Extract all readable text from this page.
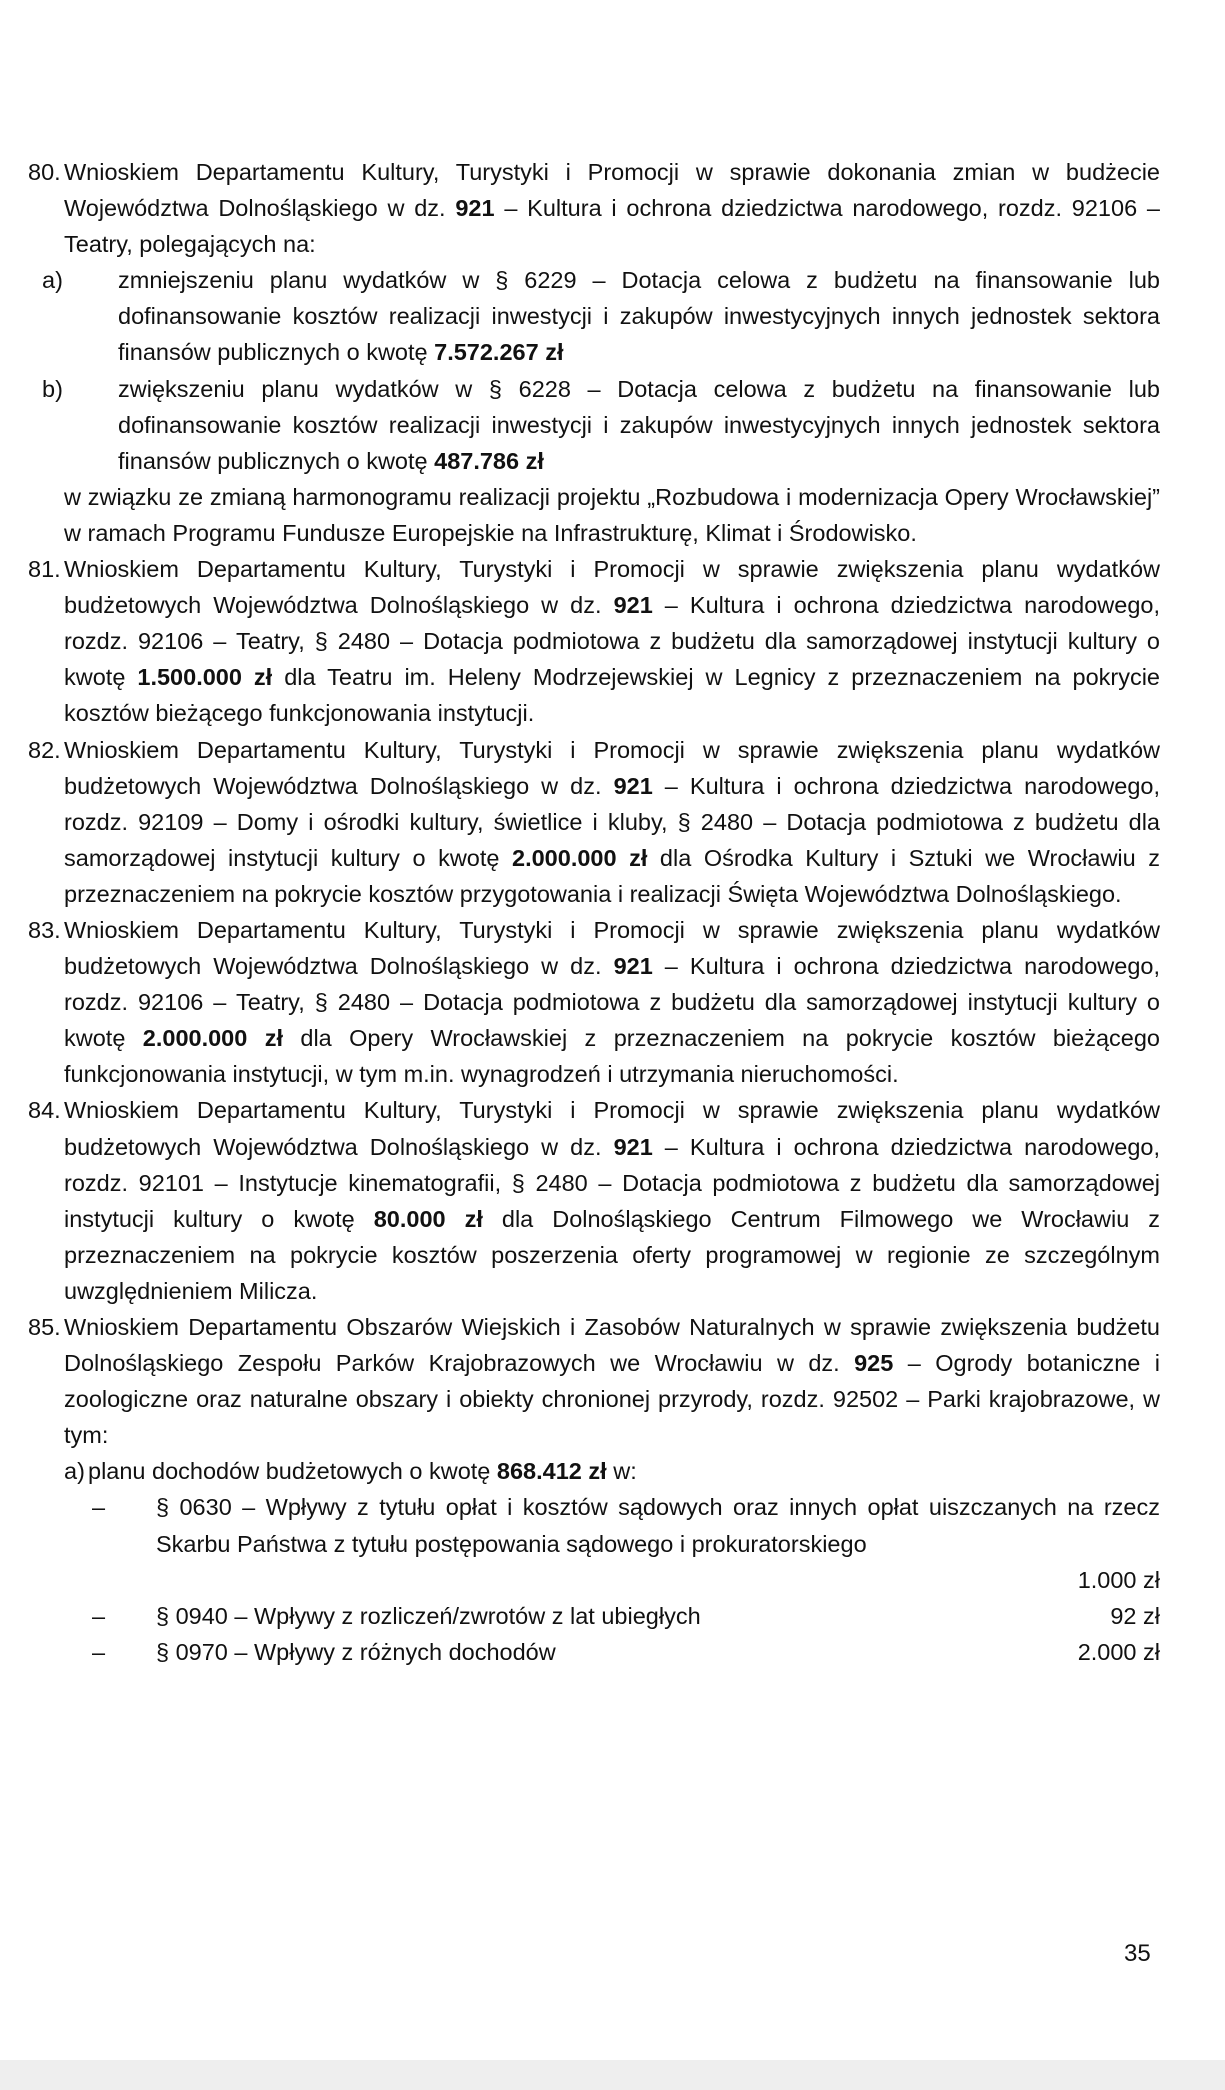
80. Wnioskiem Departamentu Kultury, Turystyki i Promocji w sprawie dokonania zmian w budżecie Województwa Dolnośląskiego w dz. 921 – Kultura i ochrona dziedzictwa narodowego, rozdz. 92106 – Teatry, polegających na:

a) zmniejszeniu planu wydatków w § 6229 – Dotacja celowa z budżetu na finansowanie lub dofinansowanie kosztów realizacji inwestycji i zakupów inwestycyjnych innych jednostek sektora finansów publicznych o kwotę 7.572.267 zł
b) zwiększeniu planu wydatków w § 6228 – Dotacja celowa z budżetu na finansowanie lub dofinansowanie kosztów realizacji inwestycji i zakupów inwestycyjnych innych jednostek sektora finansów publicznych o kwotę 487.786 zł

w związku ze zmianą harmonogramu realizacji projektu „Rozbudowa i modernizacja Opery Wrocławskiej” w ramach Programu Fundusze Europejskie na Infrastrukturę, Klimat i Środowisko.

81. Wnioskiem Departamentu Kultury, Turystyki i Promocji w sprawie zwiększenia planu wydatków budżetowych Województwa Dolnośląskiego w dz. 921 – Kultura i ochrona dziedzictwa narodowego, rozdz. 92106 – Teatry, § 2480 – Dotacja podmiotowa z budżetu dla samorządowej instytucji kultury o kwotę 1.500.000 zł dla Teatru im. Heleny Modrzejewskiej w Legnicy z przeznaczeniem na pokrycie kosztów bieżącego funkcjonowania instytucji.

82. Wnioskiem Departamentu Kultury, Turystyki i Promocji w sprawie zwiększenia planu wydatków budżetowych Województwa Dolnośląskiego w dz. 921 – Kultura i ochrona dziedzictwa narodowego, rozdz. 92109 – Domy i ośrodki kultury, świetlice i kluby, § 2480 – Dotacja podmiotowa z budżetu dla samorządowej instytucji kultury o kwotę 2.000.000 zł dla Ośrodka Kultury i Sztuki we Wrocławiu z przeznaczeniem na pokrycie kosztów przygotowania i realizacji Święta Województwa Dolnośląskiego.

83. Wnioskiem Departamentu Kultury, Turystyki i Promocji w sprawie zwiększenia planu wydatków budżetowych Województwa Dolnośląskiego w dz. 921 – Kultura i ochrona dziedzictwa narodowego, rozdz. 92106 – Teatry, § 2480 – Dotacja podmiotowa z budżetu dla samorządowej instytucji kultury o kwotę 2.000.000 zł dla Opery Wrocławskiej z przeznaczeniem na pokrycie kosztów bieżącego funkcjonowania instytucji, w tym m.in. wynagrodzeń i utrzymania nieruchomości.

84. Wnioskiem Departamentu Kultury, Turystyki i Promocji w sprawie zwiększenia planu wydatków budżetowych Województwa Dolnośląskiego w dz. 921 – Kultura i ochrona dziedzictwa narodowego, rozdz. 92101 – Instytucje kinematografii, § 2480 – Dotacja podmiotowa z budżetu dla samorządowej instytucji kultury o kwotę 80.000 zł dla Dolnośląskiego Centrum Filmowego we Wrocławiu z przeznaczeniem na pokrycie kosztów poszerzenia oferty programowej w regionie ze szczególnym uwzględnieniem Milicza.

85. Wnioskiem Departamentu Obszarów Wiejskich i Zasobów Naturalnych w sprawie zwiększenia budżetu Dolnośląskiego Zespołu Parków Krajobrazowych we Wrocławiu w dz. 925 – Ogrody botaniczne i zoologiczne oraz naturalne obszary i obiekty chronionej przyrody, rozdz. 92502 – Parki krajobrazowe, w tym:

a) planu dochodów budżetowych o kwotę 868.412 zł w:
– § 0630 – Wpływy z tytułu opłat i kosztów sądowych oraz innych opłat uiszczanych na rzecz Skarbu Państwa z tytułu postępowania sądowego i prokuratorskiego
1.000 zł
– § 0940 – Wpływy z rozliczeń/zwrotów z lat ubiegłych	92 zł
– § 0970 – Wpływy z różnych dochodów	2.000 zł
35
